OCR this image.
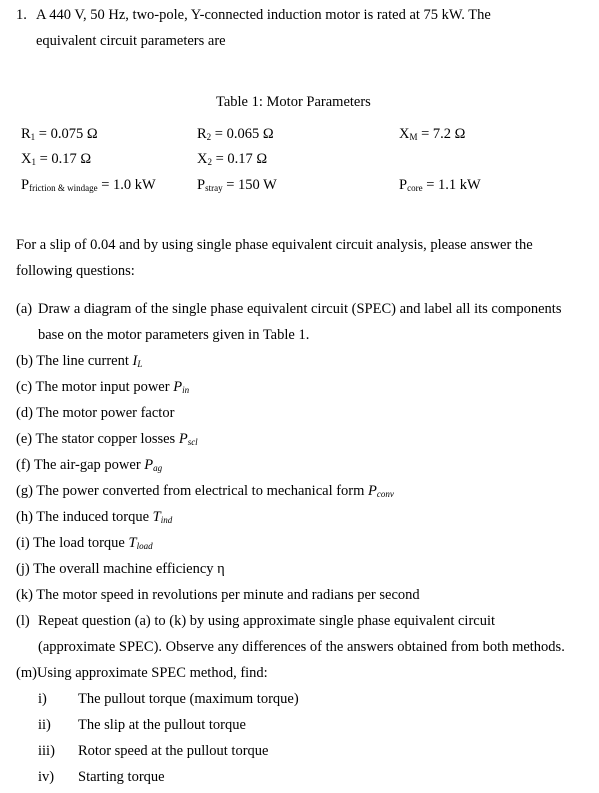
1. A 440 V, 50 Hz, two-pole, Y-connected induction motor is rated at 75 kW. The
equivalent circuit parameters are
Table 1: Motor Parameters
$R_1 = 0.075$ Ω	$R_2 = 0.065$ Ω	$X_M = 7.2$ Ω
$X_1 = 0.17$ Ω	$X_2 = 0.17$ Ω
$P_{friction \& windage} = 1.0$ kW	$P_{stray} = 150$ W	$P_{core} = 1.1$ kW
For a slip of 0.04 and by using single phase equivalent circuit analysis, please answer the
following questions:
(a) Draw a diagram of the single phase equivalent circuit (SPEC) and label all its components
base on the motor parameters given in Table 1.
(b) The line current $I_L$
(c) The motor input power $P_{in}$
(d) The motor power factor
(e) The stator copper losses $P_{scl}$
(f) The air-gap power $P_{ag}$
(g) The power converted from electrical to mechanical form $P_{conv}$
(h) The induced torque $T_{ind}$
(i) The load torque $T_{load}$
(j) The overall machine efficiency η
(k) The motor speed in revolutions per minute and radians per second
(l) Repeat question (a) to (k) by using approximate single phase equivalent circuit
(approximate SPEC). Observe any differences of the answers obtained from both methods.
(m)Using approximate SPEC method, find:
i) The pullout torque (maximum torque)
ii) The slip at the pullout torque
iii) Rotor speed at the pullout torque
iv) Starting torque
